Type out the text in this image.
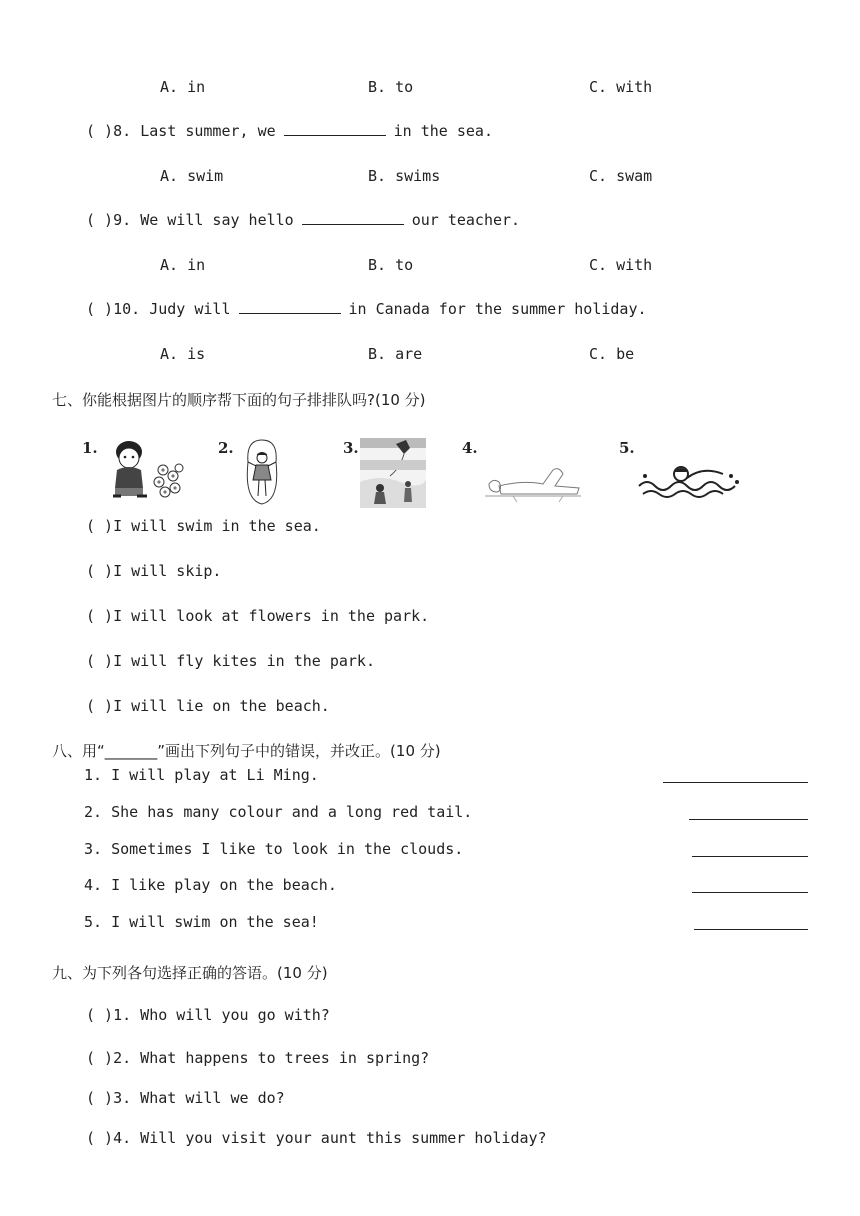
A. in	B. to	C. with
( )8. Last summer, we	in the sea.
A. swim	B. swims	C. swam
( )9. We will say hello	our teacher.
A. in	B. to	C. with
( )10. Judy will	in Canada for the summer holiday.
A. is	B. are	C. be
七、你能根据图片的顺序帮下面的句子排排队吗?(10 分)
1.	2.	3.	4.	5.
( )I will swim in the sea.
( )I will skip.
( )I will look at flowers in the park.
( )I will fly kites in the park.
( )I will lie on the beach.
八、用“_______”画出下列句子中的错误，并改正。(10 分)
1. I will play at Li Ming.
2. She has many colour and a long red tail.
3. Sometimes I like to look in the clouds.
4. I like play on the beach.
5. I will swim on the sea!
九、为下列各句选择正确的答语。(10 分)
( )1. Who will you go with?
( )2. What happens to trees in spring?
( )3. What will we do?
( )4. Will you visit your aunt this summer holiday?
